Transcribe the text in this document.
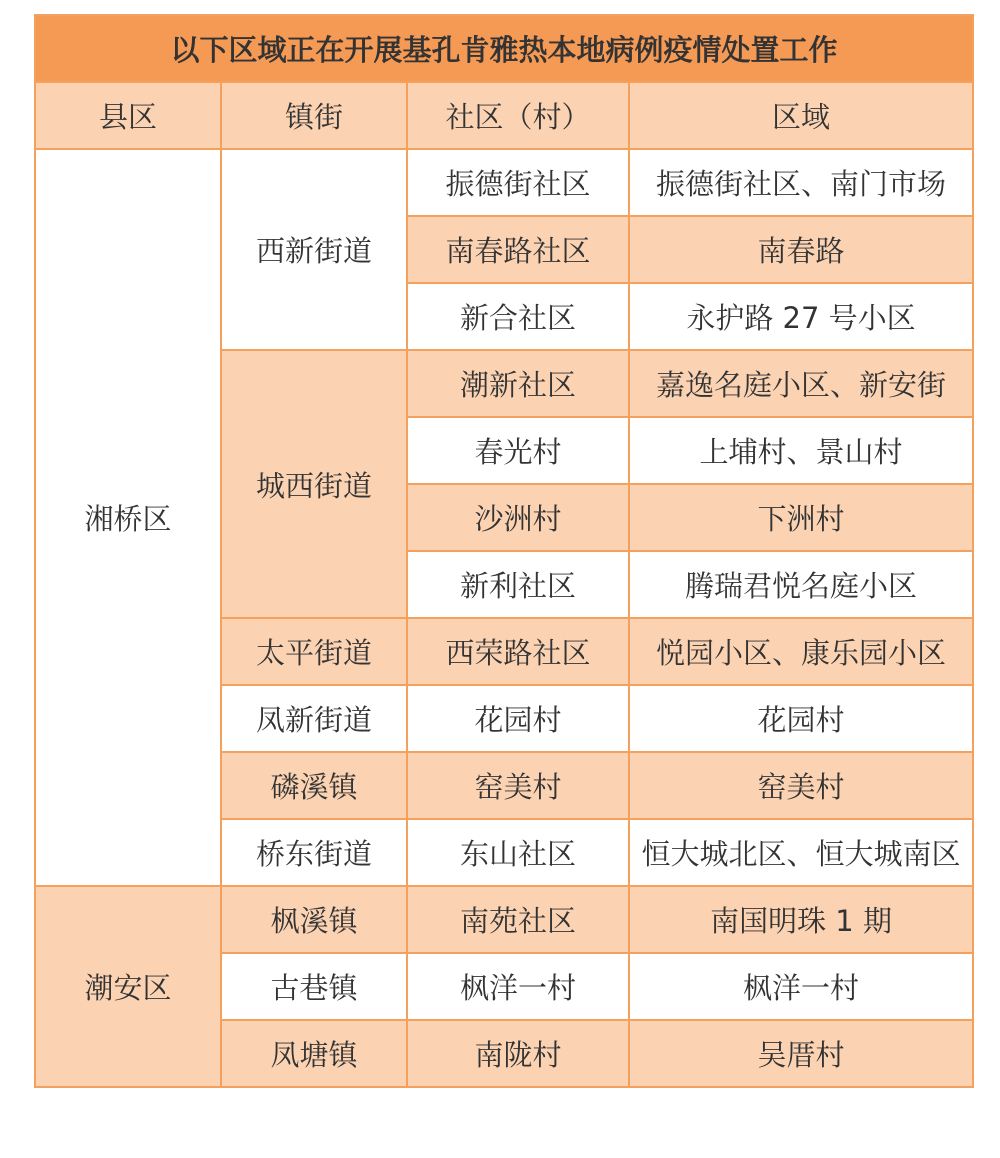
以下区域正在开展基孔肯雅热本地病例疫情处置工作			
县区	镇街	社区（村）	区域
湘桥区	西新街道	振德街社区	振德街社区、南门市场
		南春路社区	南春路
		新合社区	永护路 27 号小区
	城西街道	潮新社区	嘉逸名庭小区、新安街
		春光村	上埔村、景山村
		沙洲村	下洲村
		新利社区	腾瑞君悦名庭小区
	太平街道	西荣路社区	悦园小区、康乐园小区
	凤新街道	花园村	花园村
	磷溪镇	窑美村	窑美村
	桥东街道	东山社区	恒大城北区、恒大城南区
潮安区	枫溪镇	南苑社区	南国明珠 1 期
	古巷镇	枫洋一村	枫洋一村
	凤塘镇	南陇村	吴厝村
